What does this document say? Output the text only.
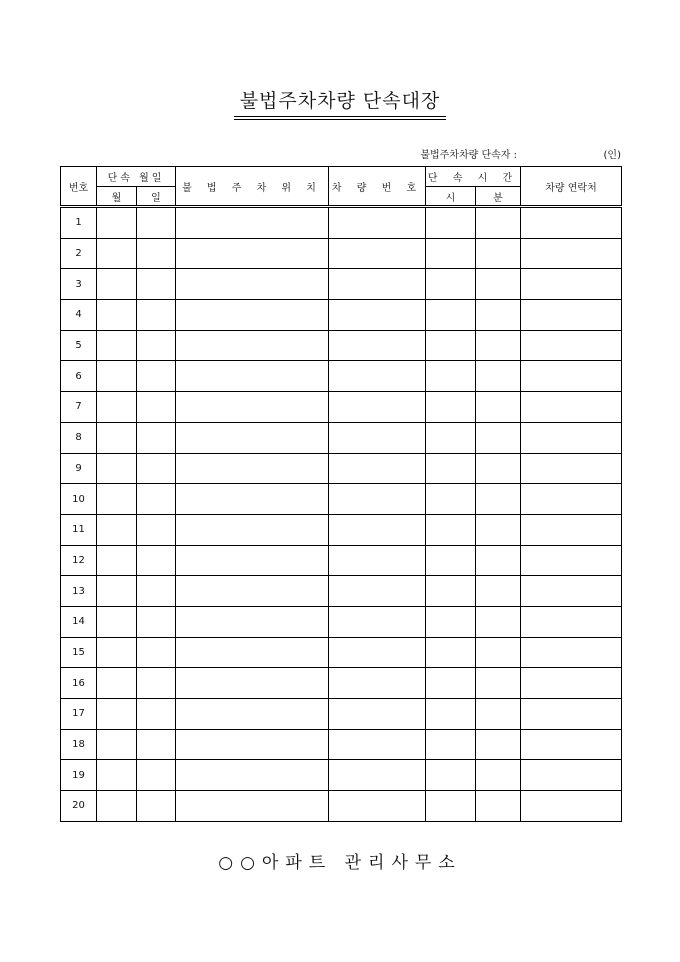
불법주차차량 단속대장
불법주차차량 단속자 :	(인)
번호	단속 월일		불 법 주 차 위 치	차 량 번 호	단 속 시 간		차량 연락처
	월	일			시	분	
1							
2							
3							
4							
5							
6							
7							
8							
9							
10							
11							
12							
13							
14							
15							
16							
17							
18							
19							
20							
○○아파트 관리사무소
